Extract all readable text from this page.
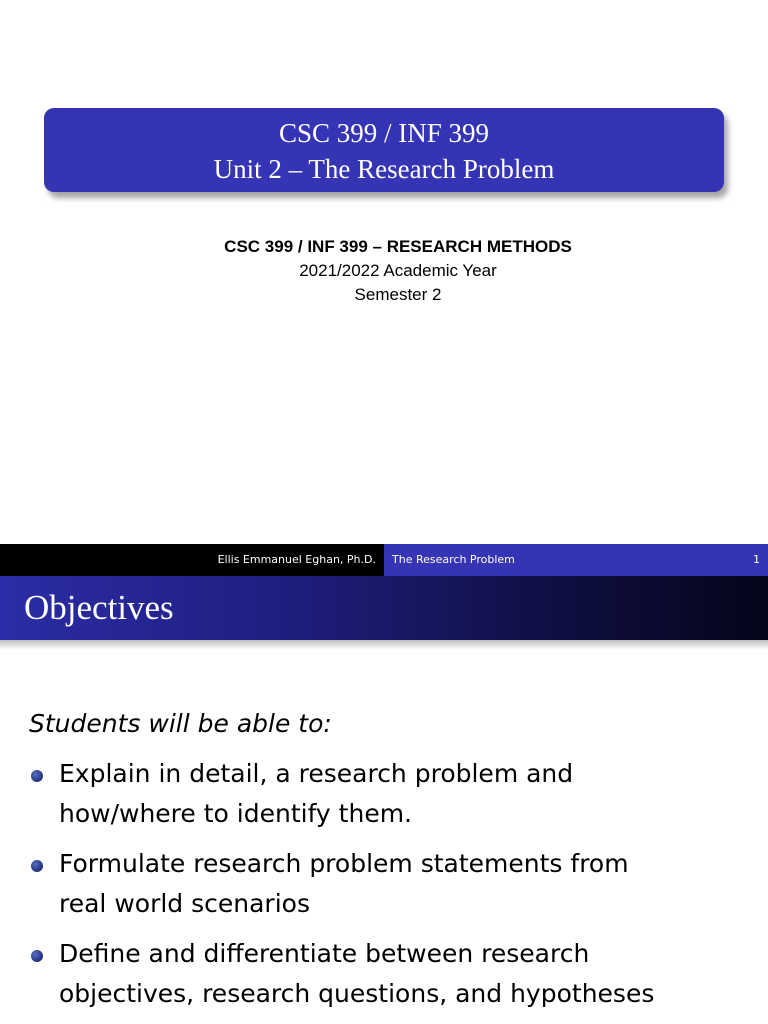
CSC 399 / INF 399
Unit 2 – The Research Problem
CSC 399 / INF 399 – RESEARCH METHODS
2021/2022 Academic Year
Semester 2
Ellis Emmanuel Eghan, Ph.D.	The Research Problem	1
Objectives
Students will be able to:
Explain in detail, a research problem and
how/where to identify them.
Formulate research problem statements from
real world scenarios
Define and differentiate between research
objectives, research questions, and hypotheses
